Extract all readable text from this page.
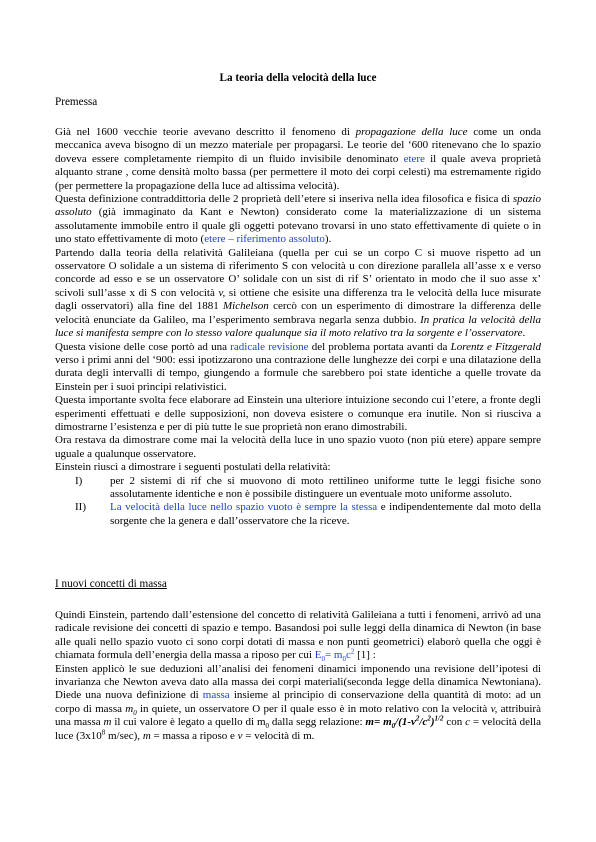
La teoria della velocità della luce
Premessa
Già nel 1600 vecchie teorie avevano descritto il fenomeno di propagazione della luce come un onda meccanica aveva bisogno di un mezzo materiale per propagarsi. Le teorie del ‘600 ritenevano che lo spazio doveva essere completamente riempito di un fluido invisibile denominato etere il quale aveva proprietà alquanto strane , come densità molto bassa (per permettere il moto dei corpi celesti) ma estremamente rigido (per permettere la propagazione della luce ad altissima velocità).
Questa definizione contraddittoria delle 2 proprietà dell’etere si inseriva nella idea filosofica e fisica di spazio assoluto (già immaginato da Kant e Newton) considerato come la materializzazione di un sistema assolutamente immobile entro il quale gli oggetti potevano trovarsi in uno stato effettivamente di quiete o in uno stato effettivamente di moto (etere – riferimento assoluto).
Partendo dalla teoria della relatività Galileiana (quella per cui se un corpo C si muove rispetto ad un osservatore O solidale a un sistema di riferimento S con velocità u con direzione parallela all’asse x e verso concorde ad esso e se un osservatore O’ solidale con un sist di rif S’ orientato in modo che il suo asse x’ scivoli sull’asse x di S con velocità v, si ottiene che esisite una differenza tra le velocità della luce misurate dagli osservatori) alla fine del 1881 Michelson cercò con un esperimento di dimostrare la differenza delle velocità enunciate da Galileo, ma l’esperimento sembrava negarla senza dubbio. In pratica la velocità della luce si manifesta sempre con lo stesso valore qualunque sia il moto relativo tra la sorgente e l’osservatore.
Questa visione delle cose portò ad una radicale revisione del problema portata avanti da Lorentz e Fitzgerald verso i primi anni del ‘900: essi ipotizzarono una contrazione delle lunghezze dei corpi e una dilatazione della durata degli intervalli di tempo, giungendo a formule che sarebbero poi state identiche a quelle trovate da Einstein per i suoi principi relativistici.
Questa importante svolta fece elaborare ad Einstein una ulteriore intuizione secondo cui l’etere, a fronte degli esperimenti effettuati e delle supposizioni, non doveva esistere o comunque era inutile. Non si riusciva a dimostrarne l’esistenza e per di più tutte le sue proprietà non erano dimostrabili.
Ora restava da dimostrare come mai la velocità della luce in uno spazio vuoto (non più etere) appare sempre uguale a qualunque osservatore.
Einstein riuscì a dimostrare i seguenti postulati della relatività:
I)	per 2 sistemi di rif che si muovono di moto rettilineo uniforme tutte le leggi fisiche sono assolutamente identiche e non è possibile distinguere un eventuale moto uniforme assoluto.
II) La velocità della luce nello spazio vuoto è sempre la stessa e indipendentemente dal moto della sorgente che la genera e dall’osservatore che la riceve.
I nuovi concetti di massa
Quindi Einstein, partendo dall’estensione del concetto di relatività Galileiana a tutti i fenomeni, arrivò ad una radicale revisione dei concetti di spazio e tempo. Basandosi poi sulle leggi della dinamica di Newton (in base alle quali nello spazio vuoto ci sono corpi dotati di massa e non punti geometrici) elaborò quella che oggi è chiamata formula dell’energia della massa a riposo per cui $E_0= m_0c^2$ [1] :
Einsten applicò le sue deduzioni all’analisi dei fenomeni dinamici imponendo una revisione dell’ipotesi di invarianza che Newton aveva dato alla massa dei corpi materiali(seconda legge della dinamica Newtoniana). Diede una nuova definizione di massa insieme al principio di conservazione della quantità di moto: ad un corpo di massa $m_0$ in quiete, un osservatore O per il quale esso è in moto relativo con la velocità v, attribuirà una massa m il cui valore è legato a quello di $m_0$ dalla segg relazione: $m= m_0/(1-v^2/c^2)^{1/2}$ con c = velocità della luce ($3x10^8$ m/sec), m = massa a riposo e v = velocità di m.
